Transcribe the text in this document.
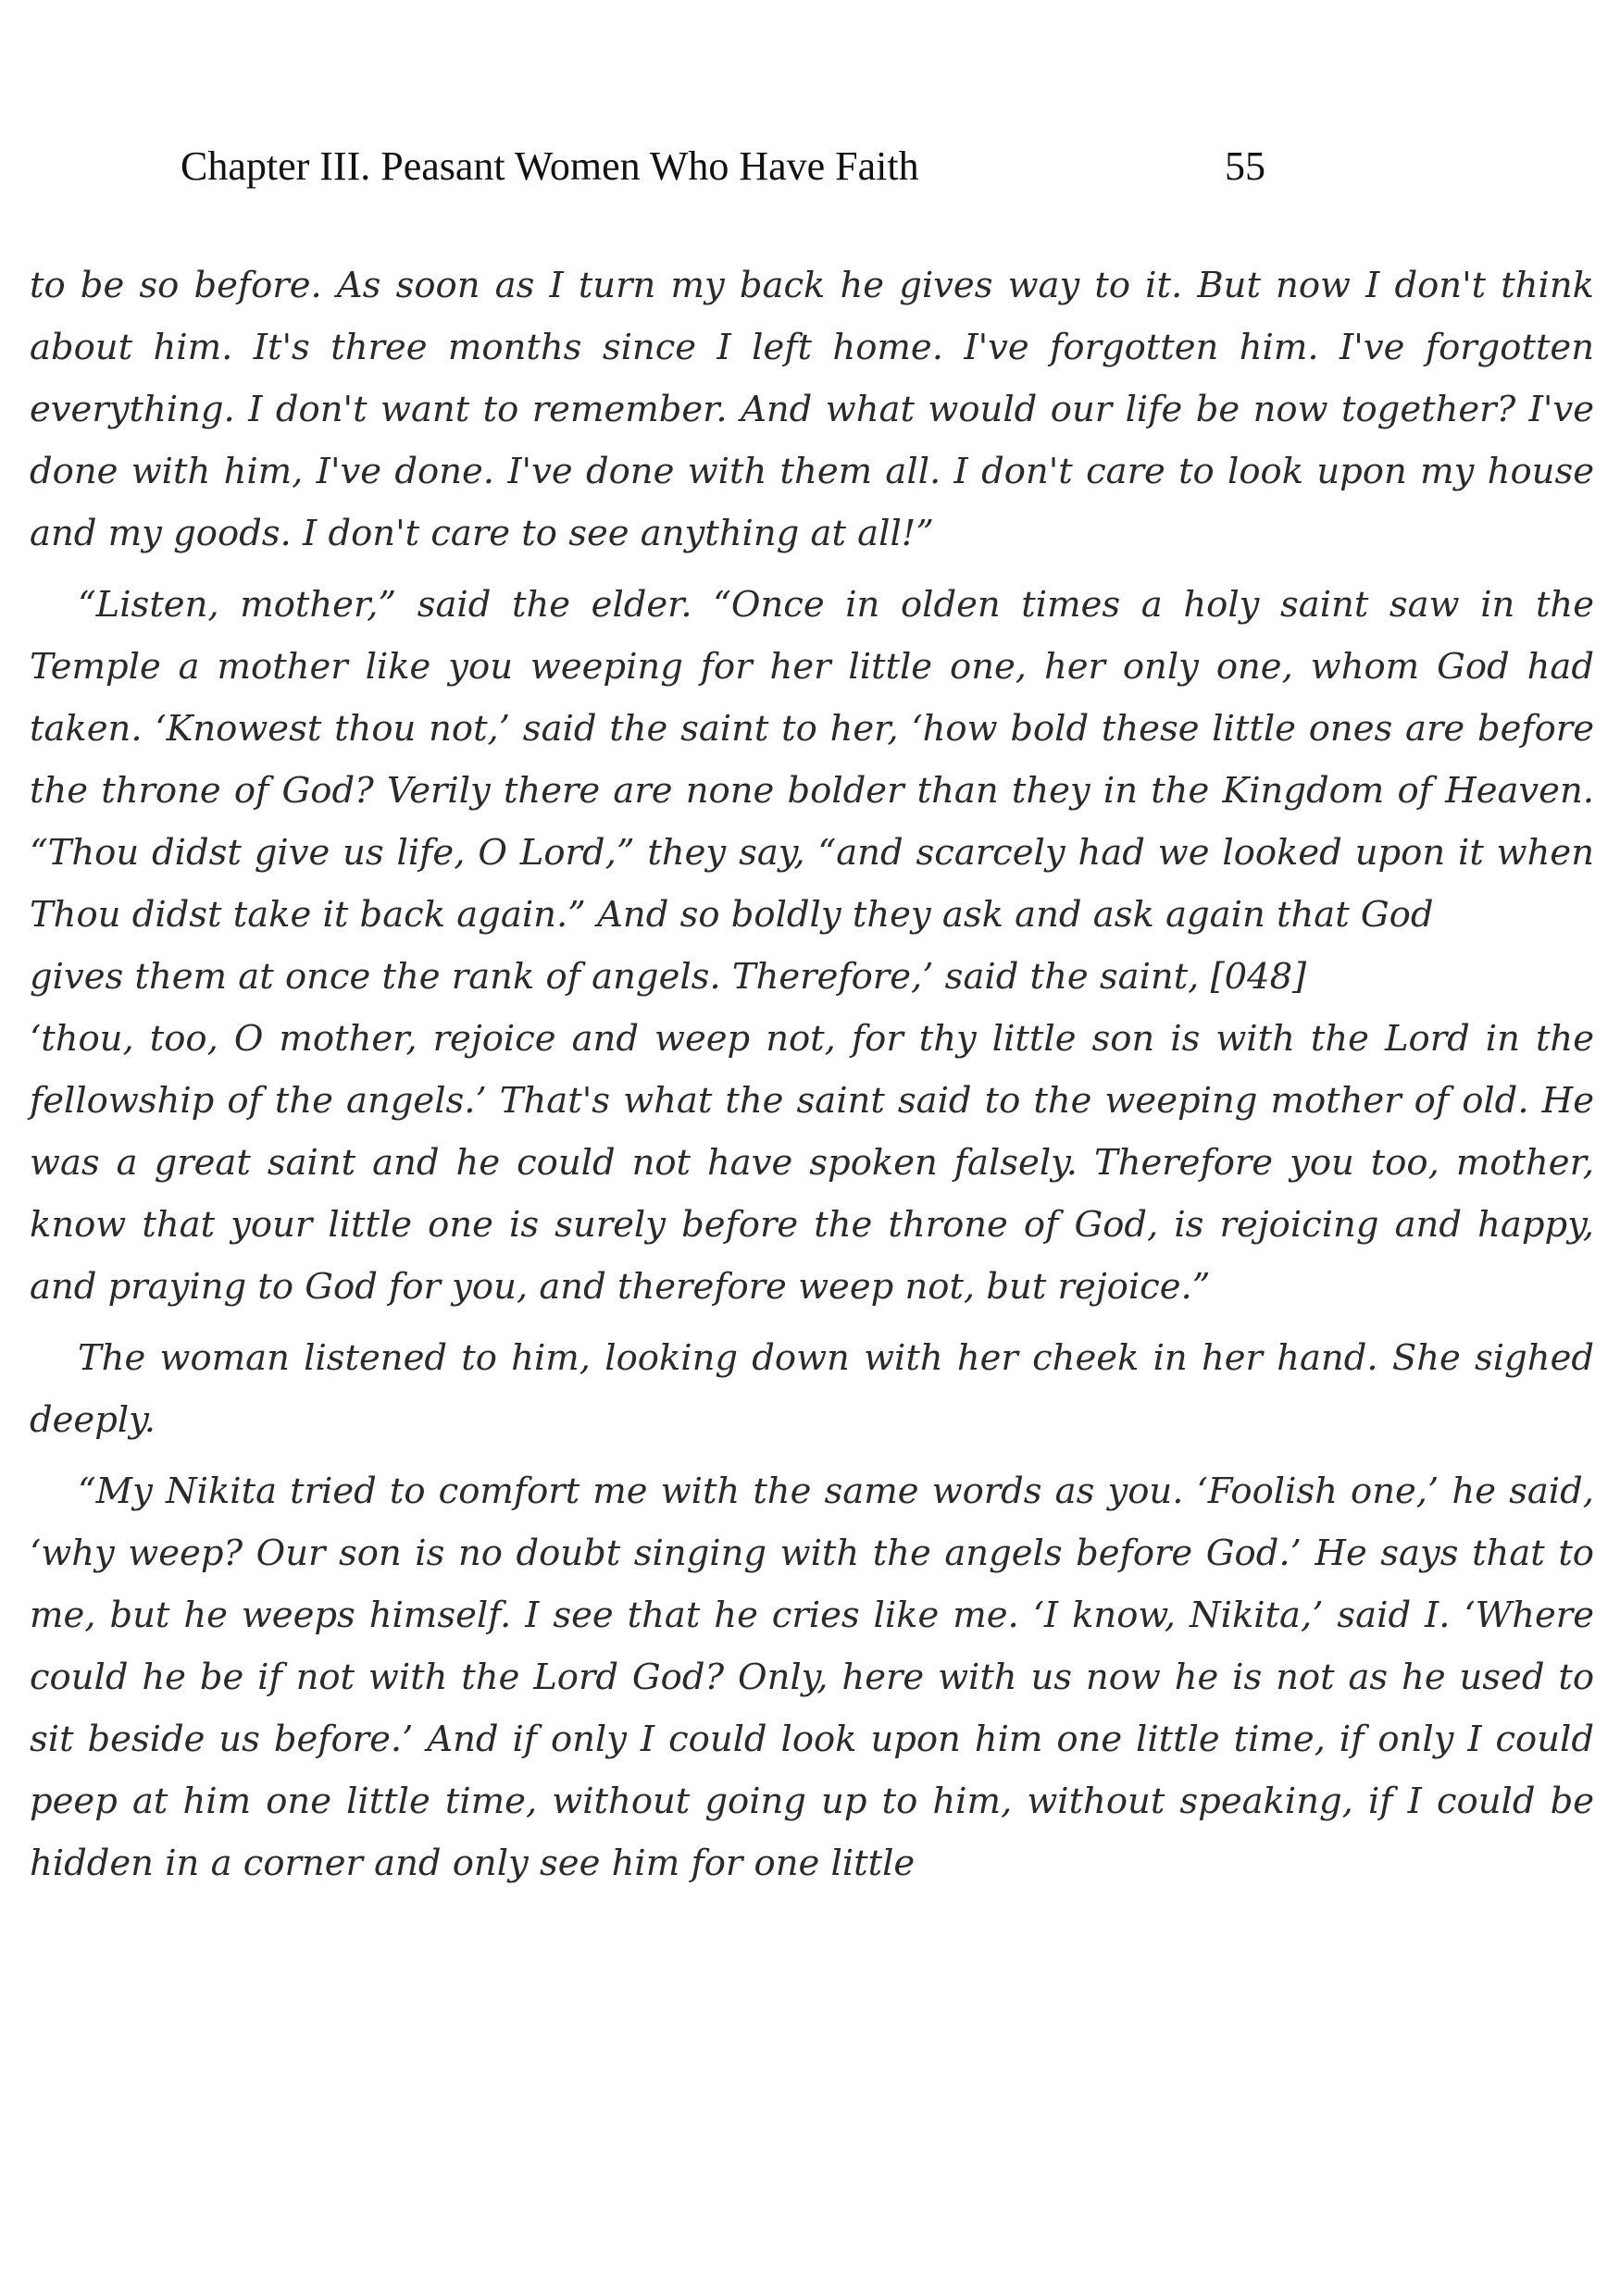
Chapter III. Peasant Women Who Have Faith	55

to be so before. As soon as I turn my back he gives way to it. But now I don't think about him. It's three months since I left home. I've forgotten him. I've forgotten everything. I don't want to remember. And what would our life be now together? I've done with him, I've done. I've done with them all. I don't care to look upon my house and my goods. I don't care to see anything at all!”

“Listen, mother,” said the elder. “Once in olden times a holy saint saw in the Temple a mother like you weeping for her little one, her only one, whom God had taken. ‘Knowest thou not,’ said the saint to her, ‘how bold these little ones are before the throne of God? Verily there are none bolder than they in the Kingdom of Heaven. “Thou didst give us life, O Lord,” they say, “and scarcely had we looked upon it when Thou didst take it back again.” And so boldly they ask and ask again that God

gives them at once the rank of angels. Therefore,’ said the saint, [048]

‘thou, too, O mother, rejoice and weep not, for thy little son is with the Lord in the fellowship of the angels.’ That's what the saint said to the weeping mother of old. He was a great saint and he could not have spoken falsely. Therefore you too, mother, know that your little one is surely before the throne of God, is rejoicing and happy, and praying to God for you, and therefore weep not, but rejoice.”

The woman listened to him, looking down with her cheek in her hand. She sighed deeply.

“My Nikita tried to comfort me with the same words as you. ‘Foolish one,’ he said, ‘why weep? Our son is no doubt singing with the angels before God.’ He says that to me, but he weeps himself. I see that he cries like me. ‘I know, Nikita,’ said I. ‘Where could he be if not with the Lord God? Only, here with us now he is not as he used to sit beside us before.’ And if only I could look upon him one little time, if only I could peep at him one little time, without going up to him, without speaking, if I could be hidden in a corner and only see him for one little
